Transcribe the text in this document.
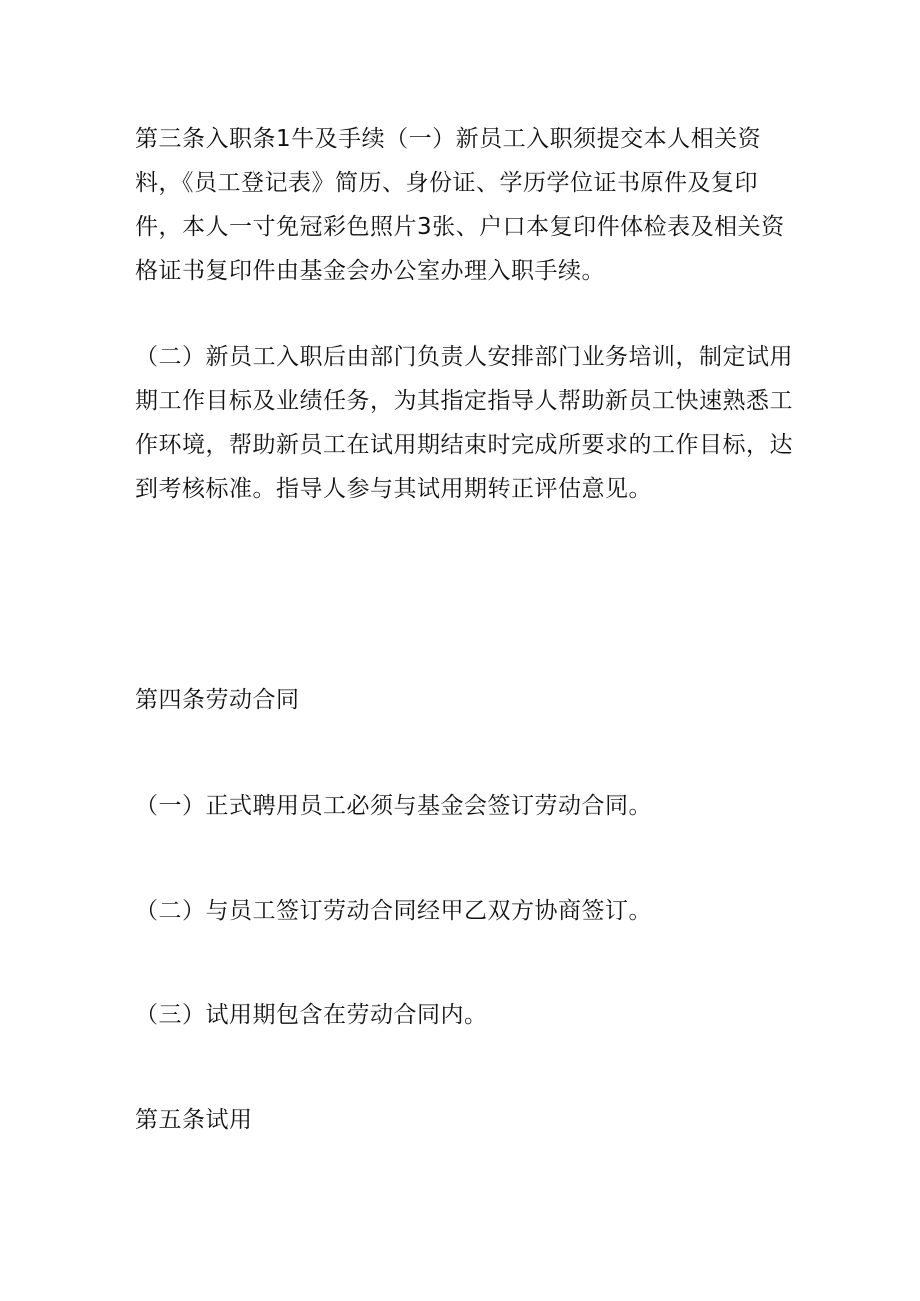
第三条入职条1牛及手续（一）新员工入职须提交本人相关资料，《员工登记表》简历、身份证、学历学位证书原件及复印件，本人一寸免冠彩色照片3张、户口本复印件体检表及相关资格证书复印件由基金会办公室办理入职手续。

（二）新员工入职后由部门负责人安排部门业务培训，制定试用期工作目标及业绩任务，为其指定指导人帮助新员工快速熟悉工作环境，帮助新员工在试用期结束时完成所要求的工作目标，达到考核标准。指导人参与其试用期转正评估意见。

第四条劳动合同

（一）正式聘用员工必须与基金会签订劳动合同。

（二）与员工签订劳动合同经甲乙双方协商签订。

（三）试用期包含在劳动合同内。

第五条试用
